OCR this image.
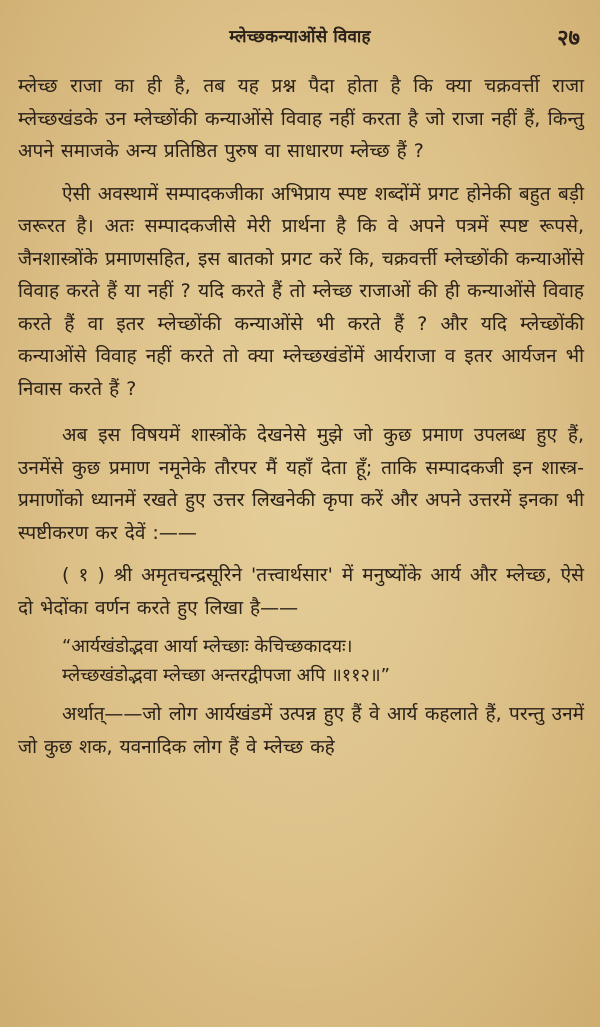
म्लेच्छकन्याओंसे विवाह	२७

म्लेच्छ राजा का ही है, तब यह प्रश्न पैदा होता है कि क्या चक्रवर्त्ती राजा म्लेच्छखंडके उन म्लेच्छोंकी कन्याओंसे विवाह नहीं करता है जो राजा नहीं हैं, किन्तु अपने समाजके अन्य प्रतिष्ठित पुरुष वा साधारण म्लेच्छ हैं ?

ऐसी अवस्थामें सम्पादकजीका अभिप्राय स्पष्ट शब्दोंमें प्रगट होनेकी बहुत बड़ी जरूरत है। अतः सम्पादकजीसे मेरी प्रार्थना है कि वे अपने पत्रमें स्पष्ट रूपसे, जैनशास्त्रोंके प्रमाणसहित, इस बातको प्रगट करें कि, चक्रवर्त्ती म्लेच्छोंकी कन्याओंसे विवाह करते हैं या नहीं ? यदि करते हैं तो म्लेच्छ राजाओं की ही कन्याओंसे विवाह करते हैं वा इतर म्लेच्छोंकी कन्याओंसे भी करते हैं ? और यदि म्लेच्छोंकी कन्याओंसे विवाह नहीं करते तो क्या म्लेच्छखंडोंमें आर्यराजा व इतर आर्यजन भी निवास करते हैं ?

अब इस विषयमें शास्त्रोंके देखनेसे मुझे जो कुछ प्रमाण उपलब्ध हुए हैं, उनमेंसे कुछ प्रमाण नमूनेके तौरपर मैं यहाँ देता हूँ; ताकि सम्पादकजी इन शास्त्र-प्रमाणोंको ध्यानमें रखते हुए उत्तर लिखनेकी कृपा करें और अपने उत्तरमें इनका भी स्पष्टीकरण कर देवें :——

( १ ) श्री अमृतचन्द्रसूरिने 'तत्त्वार्थसार' में मनुष्योंके आर्य और म्लेच्छ, ऐसे दो भेदोंका वर्णन करते हुए लिखा है——

“आर्यखंडोद्भवा आर्या म्लेच्छाः केचिच्छकादयः।

म्लेच्छखंडोद्भवा म्लेच्छा अन्तरद्वीपजा अपि ॥११२॥”

अर्थात्——जो लोग आर्यखंडमें उत्पन्न हुए हैं वे आर्य कहलाते हैं, परन्तु उनमें जो कुछ शक, यवनादिक लोग हैं वे म्लेच्छ कहे
